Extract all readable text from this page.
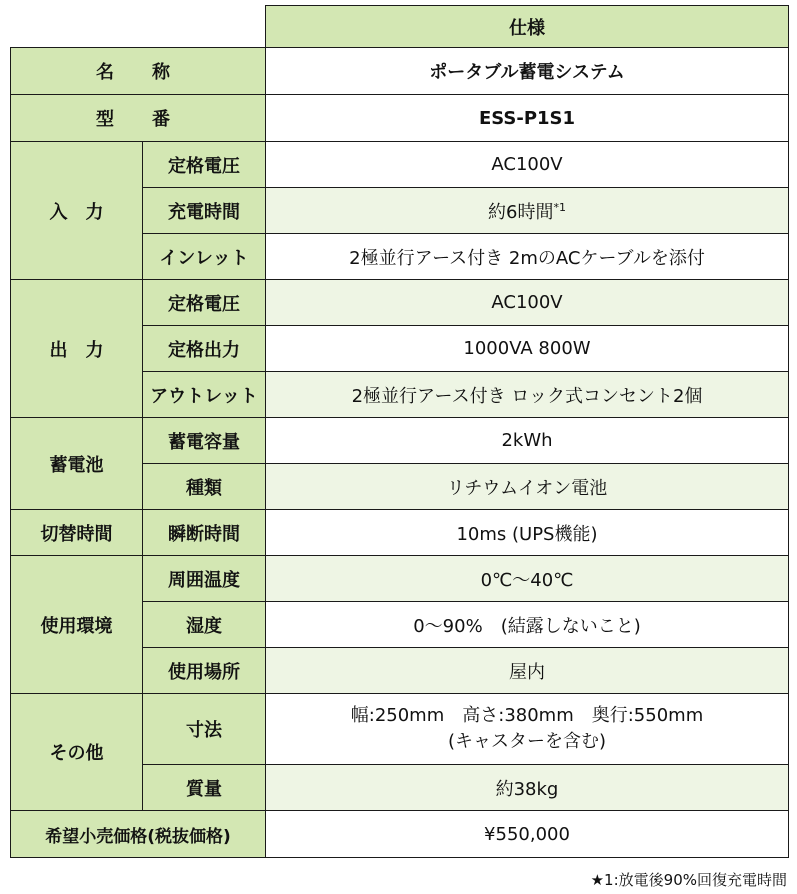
		仕様
名　称		ポータブル蓄電システム
型　番		ESS-P1S1
入　力	定格電圧	AC100V
	充電時間	約6時間$^{*1}$
	インレット	2極並行アース付き 2mのACケーブルを添付
出　力	定格電圧	AC100V
	定格出力	1000VA 800W
	アウトレット	2極並行アース付き ロック式コンセント2個
蓄電池	蓄電容量	2kWh
	種類	リチウムイオン電池
切替時間	瞬断時間	10ms (UPS機能)
使用環境	周囲温度	0℃～40℃
	湿度	0～90%　(結露しないこと)
	使用場所	屋内
その他	寸法	幅:250mm　高さ:380mm　奥行:550mm
(キャスターを含む)

	質量	約38kg
希望小売価格(税抜価格)		¥550,000
★1:放電後90%回復充電時間
